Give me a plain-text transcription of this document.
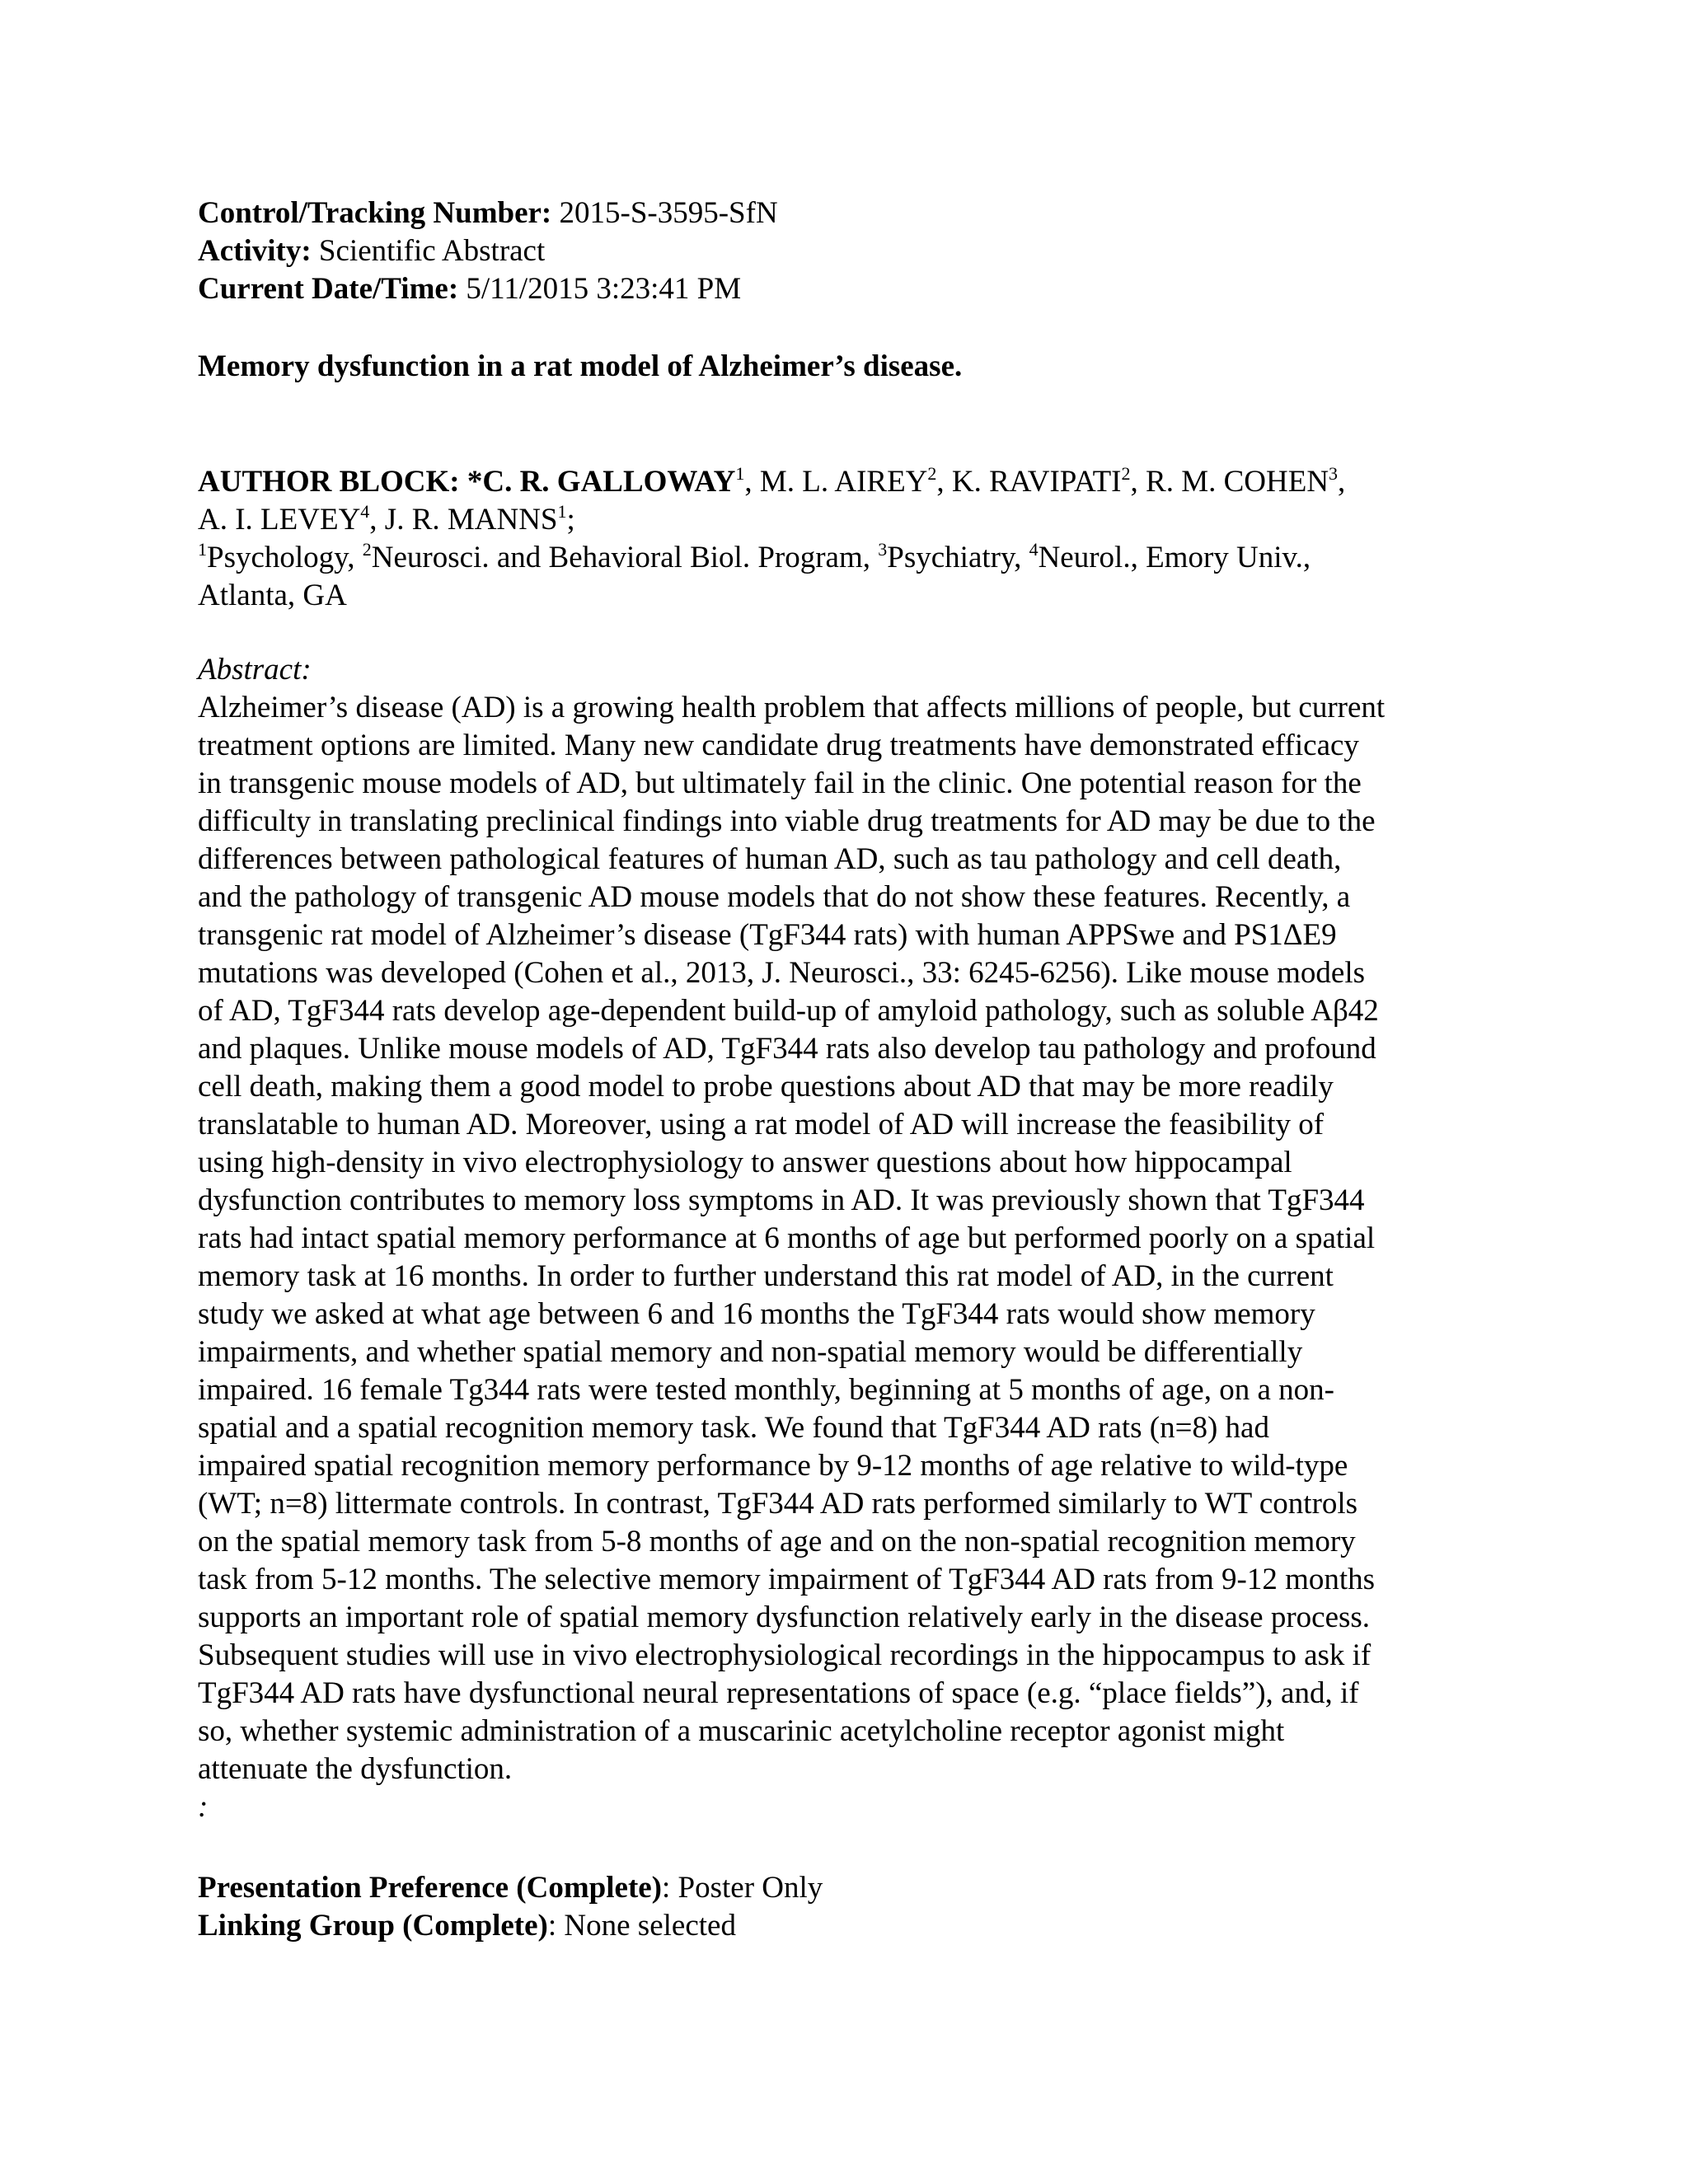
Control/Tracking Number: 2015-S-3595-SfN
Activity: Scientific Abstract
Current Date/Time: 5/11/2015 3:23:41 PM
Memory dysfunction in a rat model of Alzheimer’s disease.
AUTHOR BLOCK: *C. R. GALLOWAY$^1$, M. L. AIREY$^2$, K. RAVIPATI$^2$, R. M. COHEN$^3$,
A. I. LEVEY$^4$, J. R. MANNS$^1$;
$^1$Psychology, $^2$Neurosci. and Behavioral Biol. Program, $^3$Psychiatry, $^4$Neurol., Emory Univ.,
Atlanta, GA
Abstract:
Alzheimer’s disease (AD) is a growing health problem that affects millions of people, but current
treatment options are limited. Many new candidate drug treatments have demonstrated efficacy
in transgenic mouse models of AD, but ultimately fail in the clinic. One potential reason for the
difficulty in translating preclinical findings into viable drug treatments for AD may be due to the
differences between pathological features of human AD, such as tau pathology and cell death,
and the pathology of transgenic AD mouse models that do not show these features. Recently, a
transgenic rat model of Alzheimer’s disease (TgF344 rats) with human APPSwe and PS1ΔE9
mutations was developed (Cohen et al., 2013, J. Neurosci., 33: 6245-6256). Like mouse models
of AD, TgF344 rats develop age-dependent build-up of amyloid pathology, such as soluble Aβ42
and plaques. Unlike mouse models of AD, TgF344 rats also develop tau pathology and profound
cell death, making them a good model to probe questions about AD that may be more readily
translatable to human AD. Moreover, using a rat model of AD will increase the feasibility of
using high-density in vivo electrophysiology to answer questions about how hippocampal
dysfunction contributes to memory loss symptoms in AD. It was previously shown that TgF344
rats had intact spatial memory performance at 6 months of age but performed poorly on a spatial
memory task at 16 months. In order to further understand this rat model of AD, in the current
study we asked at what age between 6 and 16 months the TgF344 rats would show memory
impairments, and whether spatial memory and non-spatial memory would be differentially
impaired. 16 female Tg344 rats were tested monthly, beginning at 5 months of age, on a non-
spatial and a spatial recognition memory task. We found that TgF344 AD rats (n=8) had
impaired spatial recognition memory performance by 9-12 months of age relative to wild-type
(WT; n=8) littermate controls. In contrast, TgF344 AD rats performed similarly to WT controls
on the spatial memory task from 5-8 months of age and on the non-spatial recognition memory
task from 5-12 months. The selective memory impairment of TgF344 AD rats from 9-12 months
supports an important role of spatial memory dysfunction relatively early in the disease process.
Subsequent studies will use in vivo electrophysiological recordings in the hippocampus to ask if
TgF344 AD rats have dysfunctional neural representations of space (e.g. “place fields”), and, if
so, whether systemic administration of a muscarinic acetylcholine receptor agonist might
attenuate the dysfunction.
:
Presentation Preference (Complete): Poster Only
Linking Group (Complete): None selected
